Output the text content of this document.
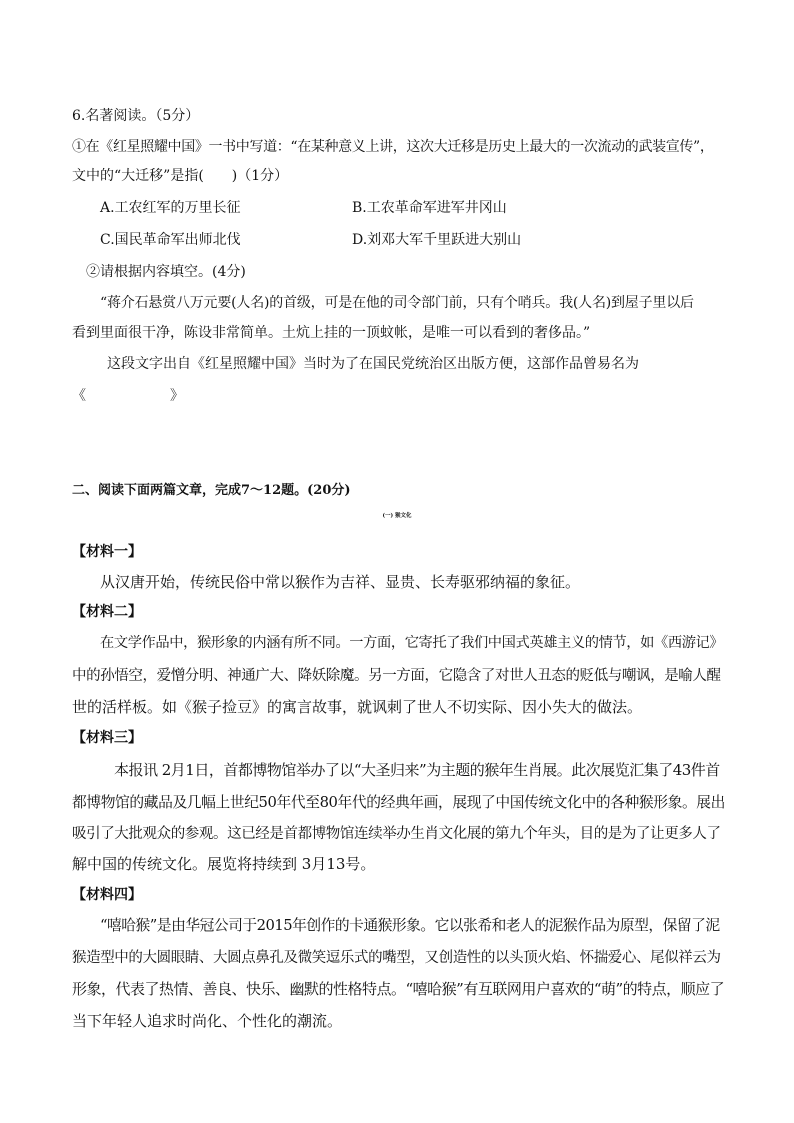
6.名著阅读。（5分）
①在《红星照耀中国》一书中写道：“在某种意义上讲，这次大迁移是历史上最大的一次流动的武装宣传”，
文中的“大迁移”是指(　　)（1分）
A.工农红军的万里长征	B.工农革命军进军井冈山
C.国民革命军出师北伐	D.刘邓大军千里跃进大别山
②请根据内容填空。(4分)
“蒋介石悬赏八万元要(人名)的首级，可是在他的司令部门前，只有个哨兵。我(人名)到屋子里以后
看到里面很干净，陈设非常简单。土炕上挂的一顶蚊帐，是唯一可以看到的奢侈品。”
这段文字出自《红星照耀中国》当时为了在国民党统治区出版方便，这部作品曾易名为
《　　　　　　》
二、阅读下面两篇文章，完成7～12题。(20分)
(一) 猴文化
【材料一】
从汉唐开始，传统民俗中常以猴作为吉祥、显贵、长寿驱邪纳福的象征。
【材料二】
在文学作品中，猴形象的内涵有所不同。一方面，它寄托了我们中国式英雄主义的情节，如《西游记》
中的孙悟空，爱憎分明、神通广大、降妖除魔。另一方面，它隐含了对世人丑态的贬低与嘲讽，是喻人醒
世的活样板。如《猴子捡豆》的寓言故事，就讽刺了世人不切实际、因小失大的做法。
【材料三】
本报讯 2月1日，首都博物馆举办了以“大圣归来”为主题的猴年生肖展。此次展览汇集了43件首
都博物馆的藏品及几幅上世纪50年代至80年代的经典年画，展现了中国传统文化中的各种猴形象。展出
吸引了大批观众的参观。这已经是首都博物馆连续举办生肖文化展的第九个年头，目的是为了让更多人了
解中国的传统文化。展览将持续到 3月13号。
【材料四】
“嘻哈猴”是由华冠公司于2015年创作的卡通猴形象。它以张希和老人的泥猴作品为原型，保留了泥
猴造型中的大圆眼睛、大圆点鼻孔及微笑逗乐式的嘴型，又创造性的以头顶火焰、怀揣爱心、尾似祥云为
形象，代表了热情、善良、快乐、幽默的性格特点。“嘻哈猴”有互联网用户喜欢的“萌”的特点，顺应了
当下年轻人追求时尚化、个性化的潮流。
